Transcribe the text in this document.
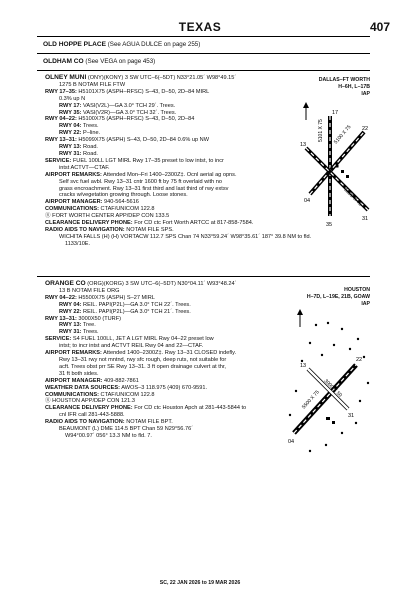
TEXAS	407
OLD HOPPE PLACE (See AGUA DULCE on page 255)
OLDHAM CO (See VEGA on page 453)
OLNEY MUNI (ONY)(KONY) 3 SW UTC–6(–5DT) N33°21.05´ W98°49.15´
1275 B NOTAM FILE FTW
RWY 17–35: H5101X75 (ASPH–RFSC) S–43, D–50, 2D–84 MIRL
0.3% up N
RWY 17: VASI(V2L)—GA 3.0° TCH 29´. Trees.
RWY 35: VASI(V2R)—GA 3.0° TCH 32´. Trees.
RWY 04–22: H5100X75 (ASPH–RFSC) S–43, D–50, 2D–84
RWY 04: Trees.
RWY 22: P–line.
RWY 13–31: H5099X75 (ASPH) S–43, D–50, 2D–84 0.6% up NW
RWY 13: Road.
RWY 31: Road.
SERVICE: FUEL 100LL LGT MIRL Rwy 17–35 preset to low intst, to incr
intst ACTVT—CTAF.
AIRPORT REMARKS: Attended Mon–Fri 1400–2300Z‡. Ocnl aerial ag opns.
Self svc fuel avbl. Rwy 13–31 cntr 1600 ft by 75 ft overlaid with no
grass encroachment. Rwy 13–31 first third and last third of rwy extsv
cracks w/vegetation growing through. Loose stones.
AIRPORT MANAGER: 940-564-5616
COMMUNICATIONS: CTAF/UNICOM 122.8
Ⓡ FORT WORTH CENTER APP/DEP CON 133.5
CLEARANCE DELIVERY PHONE: For CD ctc Fort Worth ARTCC at 817-858-7584.
RADIO AIDS TO NAVIGATION: NOTAM FILE SPS.
WICHITA FALLS (H) (H) VORTACW 112.7 SPS Chan 74 N33°59.24´ W98°35.61´ 187° 39.8 NM to fld.
1133/10E.
DALLAS–FT WORTH
H–6H, L–17B
IAP
5101 X 75 5100 X 75
5099 X 75
17
35
22
04
13
31
ORANGE CO (ORG)(KORG) 3 SW UTC–6(–5DT) N30°04.11´ W93°48.24´
13 B NOTAM FILE ORG
RWY 04–22: H5500X75 (ASPH) S–27 MIRL
RWY 04: REIL. PAPI(P2L)—GA 3.0° TCH 22´. Trees.
RWY 22: REIL. PAPI(P2L)—GA 3.0° TCH 21´. Trees.
RWY 13–31: 3000X50 (TURF)
RWY 13: Tree.
RWY 31: Trees.
SERVICE: S4 FUEL 100LL, JET A LGT MIRL Rwy 04–22 preset low
intst; to incr intst and ACTVT REIL Rwy 04 and 22—CTAF.
AIRPORT REMARKS: Attended 1400–2300Z‡. Rwy 13–31 CLOSED indefly.
Rwy 13–31 rwy not mntnd, rwy sfc rough, deep ruts, not suitable for
acft. Trees obst prr SE Rwy 13–31. 3 ft open drainage culvert at thr,
31 ft both sides.
AIRPORT MANAGER: 409-882-7861
WEATHER DATA SOURCES: AWOS–3 118.975 (409) 670-9591.
COMMUNICATIONS: CTAF/UNICOM 122.8
Ⓡ HOUSTON APP/DEP CON 121.3
CLEARANCE DELIVERY PHONE: For CD ctc Houston Apch at 281-443-5844 to
cnl IFR call 281-443-5888.
RADIO AIDS TO NAVIGATION: NOTAM FILE BPT.
BEAUMONT (L) DME 114.5 BPT Chan 59 N29°56.76´
W94°00.97´ 056° 13.3 NM to fld. 7.
HOUSTON
H–7D, L–19E, 21B, GOAW
IAP
5500 X 75
3000 X 50
22
04
13
31
SC, 22 JAN 2026 to 19 MAR 2026
